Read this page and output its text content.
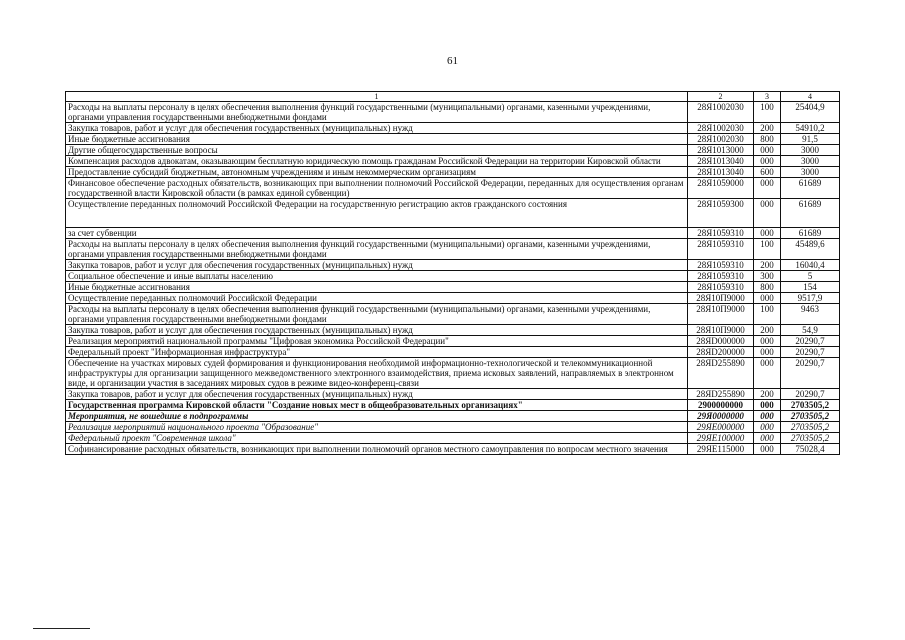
61
1	2	3	4
Расходы на выплаты персоналу в целях обеспечения выполнения функций государственными (муниципальными) органами, казенными учреждениями, органами управления государственными внебюджетными фондами	28Я1002030	100	25404,9
Закупка товаров, работ и услуг для обеспечения государственных (муниципальных) нужд	28Я1002030	200	54910,2
Иные бюджетные ассигнования	28Я1002030	800	91,5
Другие общегосударственные вопросы	28Я1013000	000	3000
Компенсация расходов адвокатам, оказывающим бесплатную юридическую помощь гражданам Российской Федерации на территории Кировской области	28Я1013040	000	3000
Предоставление субсидий бюджетным, автономным учреждениям и иным некоммерческим организациям	28Я1013040	600	3000
Финансовое обеспечение расходных обязательств, возникающих при выполнении полномочий Российской Федерации, переданных для осуществления органам государственной власти Кировской области (в рамках единой субвенции)	28Я1059000	000	61689
Осуществление переданных полномочий Российской Федерации на государственную регистрацию актов гражданского состояния	28Я1059300	000	61689
за счет субвенции	28Я1059310	000	61689
Расходы на выплаты персоналу в целях обеспечения выполнения функций государственными (муниципальными) органами, казенными учреждениями, органами управления государственными внебюджетными фондами	28Я1059310	100	45489,6
Закупка товаров, работ и услуг для обеспечения государственных (муниципальных) нужд	28Я1059310	200	16040,4
Социальное обеспечение и иные выплаты населению	28Я1059310	300	5
Иные бюджетные ассигнования	28Я1059310	800	154
Осуществление переданных полномочий Российской Федерации	28Я10П9000	000	9517,9
Расходы на выплаты персоналу в целях обеспечения выполнения функций государственными (муниципальными) органами, казенными учреждениями, органами управления государственными внебюджетными фондами	28Я10П9000	100	9463
Закупка товаров, работ и услуг для обеспечения государственных (муниципальных) нужд	28Я10П9000	200	54,9
Реализация мероприятий национальной программы "Цифровая экономика Российской Федерации"	28ЯD000000	000	20290,7
Федеральный проект "Информационная инфраструктура"	28ЯD200000	000	20290,7
Обеспечение на участках мировых судей формирования и функционирования необходимой информационно-технологической и телекоммуникационной инфраструктуры для организации защищенного межведомственного электронного взаимодействия, приема исковых заявлений, направляемых в электронном виде, и организации участия в заседаниях мировых судов в режиме видео-конференц-связи	28ЯD255890	000	20290,7
Закупка товаров, работ и услуг для обеспечения государственных (муниципальных) нужд	28ЯD255890	200	20290,7
Государственная программа Кировской области "Создание новых мест в общеобразовательных организациях"	2900000000	000	2703505,2
Мероприятия, не вошедшие в подпрограммы	29Я0000000	000	2703505,2
Реализация мероприятий национального проекта "Образование"	29ЯЕ000000	000	2703505,2
Федеральный проект "Современная школа"	29ЯЕ100000	000	2703505,2
Софинансирование расходных обязательств, возникающих при выполнении полномочий органов местного самоуправления по вопросам местного значения	29ЯЕ115000	000	75028,4
